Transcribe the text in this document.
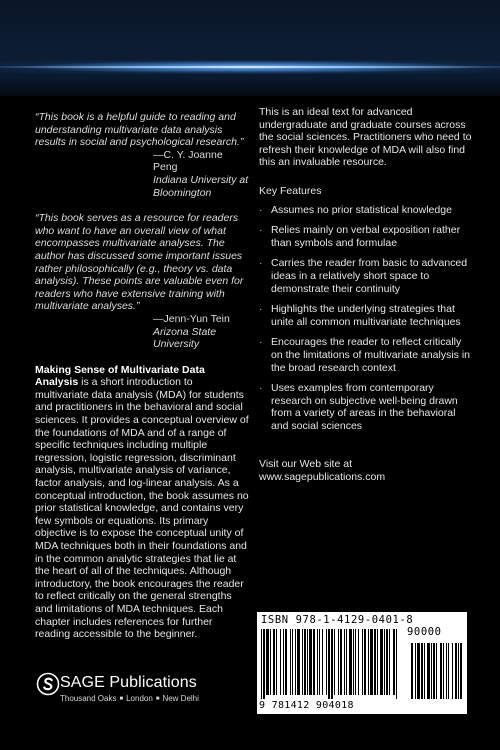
“This book is a helpful guide to reading and understanding multivariate data analysis results in social and psychological research.”
—C. Y. Joanne Peng
Indiana University at Bloomington
“This book serves as a resource for readers who want to have an overall view of what encompasses multivariate analyses. The author has discussed some important issues rather philosophically (e.g., theory vs. data analysis). These points are valuable even for readers who have extensive training with multivariate analyses.”
—Jenn-Yun Tein
Arizona State University

Making Sense of Multivariate Data Analysis is a short introduction to multivariate data analysis (MDA) for students and practitioners in the behavioral and social sciences. It provides a conceptual overview of the foundations of MDA and of a range of specific techniques including multiple regression, logistic regression, discriminant analysis, multivariate analysis of variance, factor analysis, and log-linear analysis. As a conceptual introduction, the book assumes no prior statistical knowledge, and contains very few symbols or equations. Its primary objective is to expose the conceptual unity of MDA techniques both in their foundations and in the common analytic strategies that lie at the heart of all of the techniques. Although introductory, the book encourages the reader to reflect critically on the general strengths and limitations of MDA techniques. Each chapter includes references for further reading accessible to the beginner.

This is an ideal text for advanced undergraduate and graduate courses across the social sciences. Practitioners who need to refresh their knowledge of MDA will also find this an invaluable resource.

Key Features

· Assumes no prior statistical knowledge
· Relies mainly on verbal exposition rather than symbols and formulae
· Carries the reader from basic to advanced ideas in a relatively short space to demonstrate their continuity
· Highlights the underlying strategies that unite all common multivariate techniques
· Encourages the reader to reflect critically on the limitations of multivariate analysis in the broad research context
· Uses examples from contemporary research on subjective well-being drawn from a variety of areas in the behavioral and social sciences
Visit our Web site at
www.sagepublications.com
ISBN 978-1-4129-0401-8
90000
9 781412 904018
SAGE Publications
Thousand Oaks ■ London ■ New Delhi
